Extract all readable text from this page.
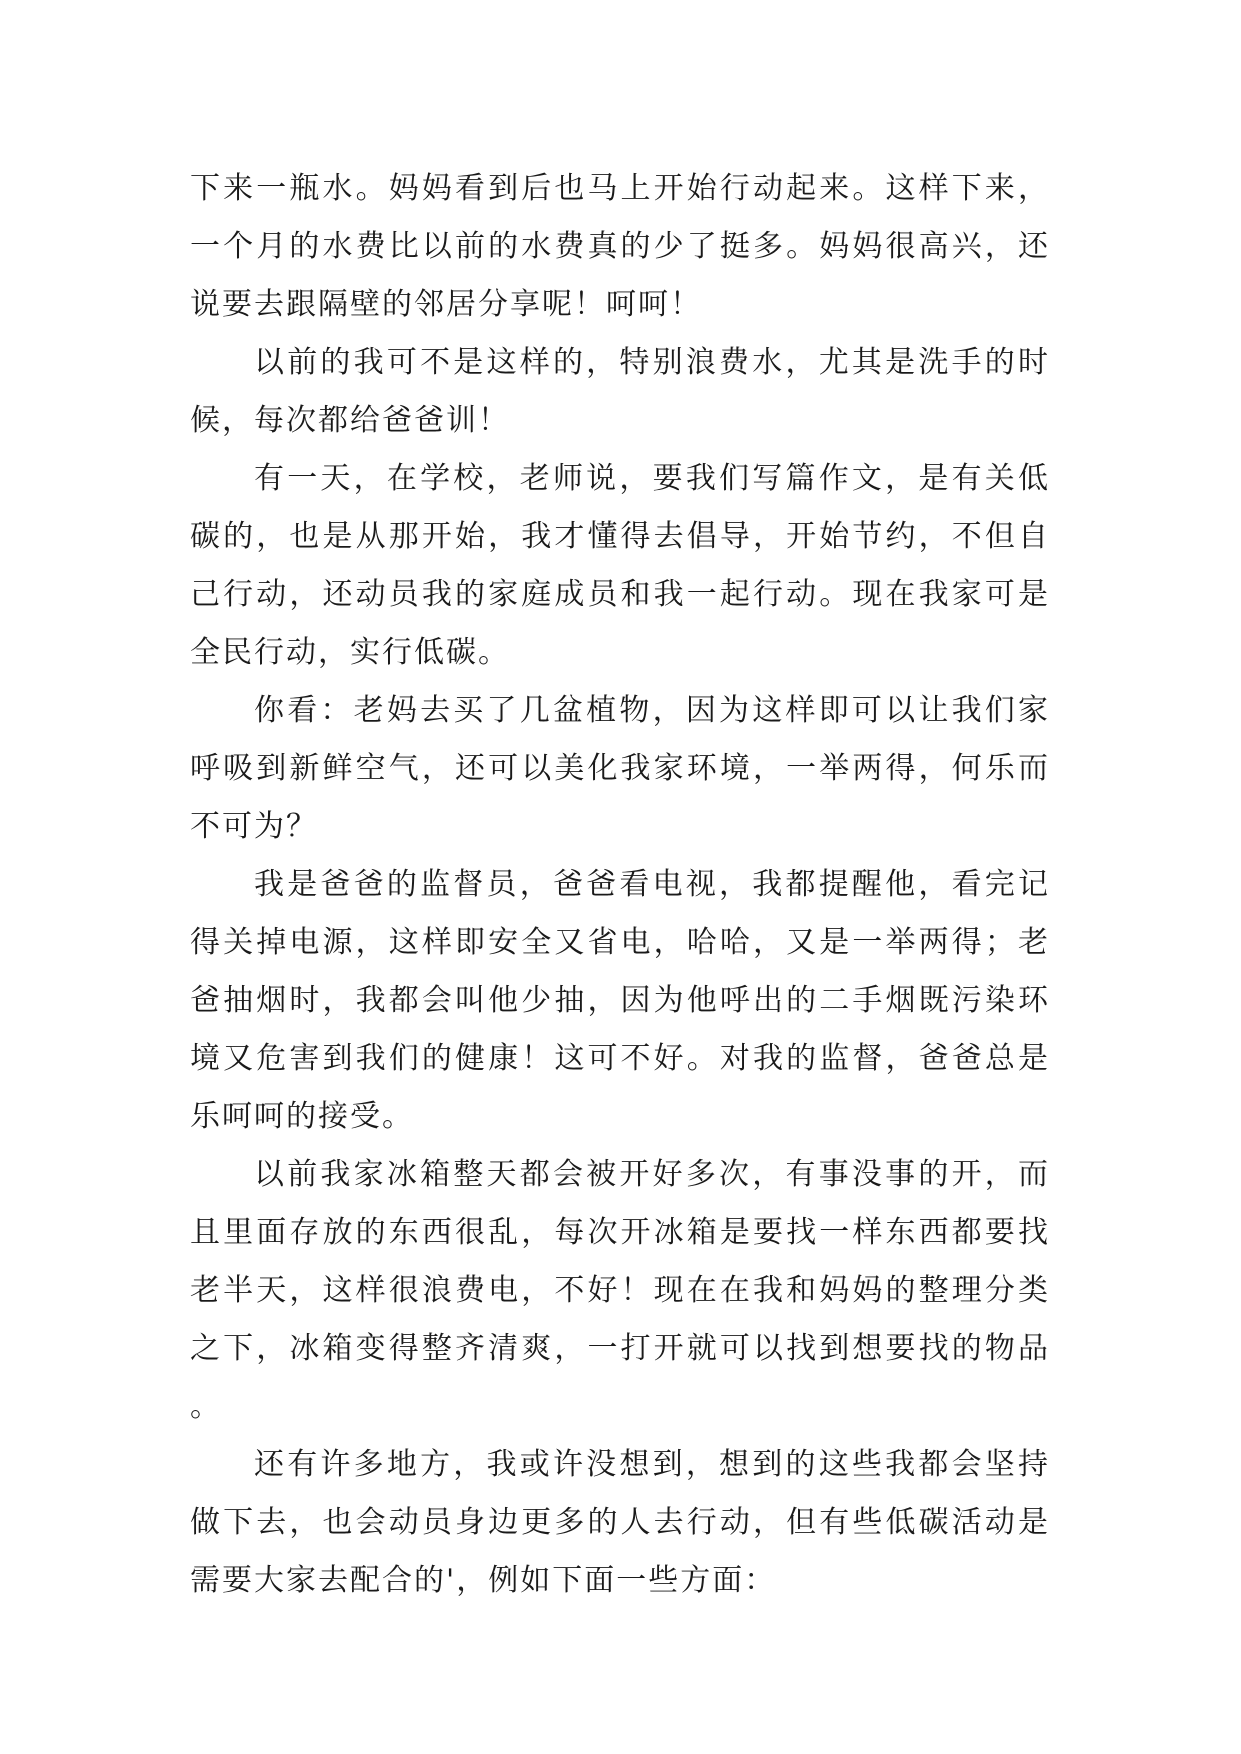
下来一瓶水。妈妈看到后也马上开始行动起来。这样下来，一个月的水费比以前的水费真的少了挺多。妈妈很高兴，还说要去跟隔壁的邻居分享呢！呵呵！

以前的我可不是这样的，特别浪费水，尤其是洗手的时候，每次都给爸爸训！

有一天，在学校，老师说，要我们写篇作文，是有关低碳的，也是从那开始，我才懂得去倡导，开始节约，不但自己行动，还动员我的家庭成员和我一起行动。现在我家可是全民行动，实行低碳。

你看：老妈去买了几盆植物，因为这样即可以让我们家呼吸到新鲜空气，还可以美化我家环境，一举两得，何乐而不可为？

我是爸爸的监督员，爸爸看电视，我都提醒他，看完记得关掉电源，这样即安全又省电，哈哈，又是一举两得；老爸抽烟时，我都会叫他少抽，因为他呼出的二手烟既污染环境又危害到我们的健康！这可不好。对我的监督，爸爸总是乐呵呵的接受。

以前我家冰箱整天都会被开好多次，有事没事的开，而且里面存放的东西很乱，每次开冰箱是要找一样东西都要找老半天，这样很浪费电，不好！现在在我和妈妈的整理分类之下，冰箱变得整齐清爽，一打开就可以找到想要找的物品。

还有许多地方，我或许没想到，想到的这些我都会坚持做下去，也会动员身边更多的人去行动，但有些低碳活动是需要大家去配合的'，例如下面一些方面：
